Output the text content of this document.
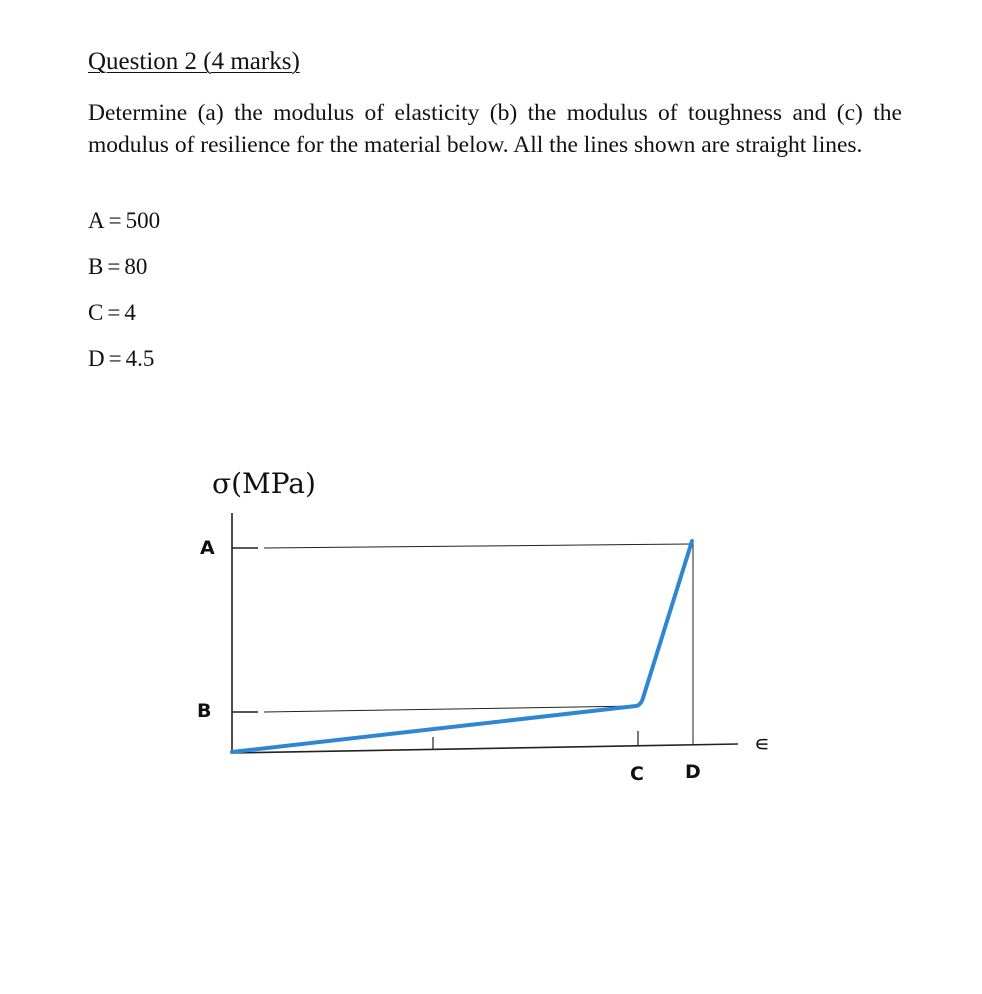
Question 2 (4 marks)

Determine (a) the modulus of elasticity (b) the modulus of toughness and (c) the modulus of resilience for the material below. All the lines shown are straight lines.

A = 500
B = 80
C = 4
D = 4.5
σ(MPa)
A
B
C D
∊
